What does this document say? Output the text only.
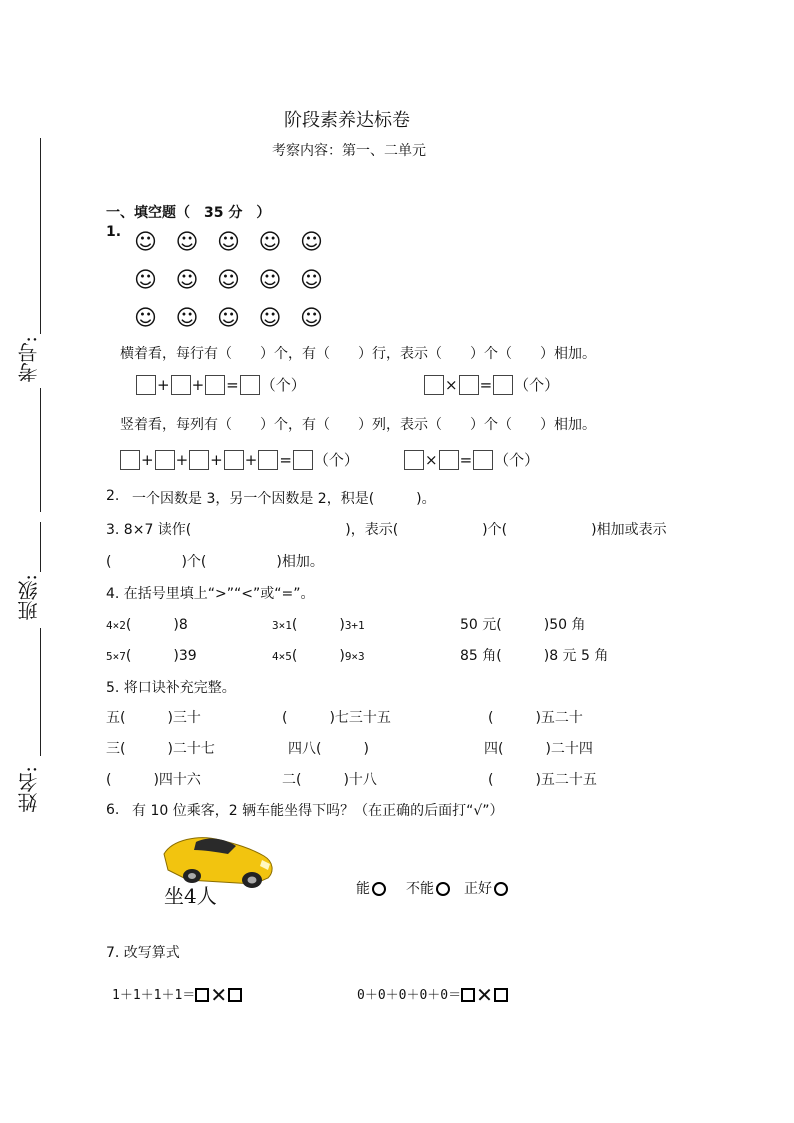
阶段素养达标卷
考察内容：第一、二单元
考号:
班级:
姓名:
一、填空题（　35 分　）
1. ☺ ☺ ☺ ☺ ☺
☺ ☺ ☺ ☺ ☺
☺ ☺ ☺ ☺ ☺
横着看，每行有（　　）个，有（　　）行，表示（　　）个（　　）相加。
+ + = （个）	× = （个）
竖着看，每列有（　　）个，有（　　）列，表示（　　）个（　　）相加。
+ + + + = （个）	× = （个）
2. 一个因数是 3，另一个因数是 2，积是(　　　)。
3. 8×7 读作(　　　　　　　　　　　)，表示(　　　　　　)个(　　　　　　)相加或表示
(　　　　　)个(　　　　　)相加。
4. 在括号里填上“>”“<”或“=”。
4×2(　　　)8	3×1(　　　)3+1	50 元(　　　)50 角
5×7(　　　)39	4×5(　　　)9×3	85 角(　　　)8 元 5 角
5. 将口诀补充完整。
五(　　　)三十	(　　　)七三十五	(　　　)五二十
三(　　　)二十七	四八(　　　)	四(　　　)二十四
(　　　)四十六	二(　　　)十八	(　　　)五二十五
6. 有 10 位乘客，2 辆车能坐得下吗？（在正确的后面打“√”）
坐4人	能	不能	正好
7. 改写算式
1＋1＋1＋1＝ ✕	0＋0＋0＋0＋0＝ ✕
